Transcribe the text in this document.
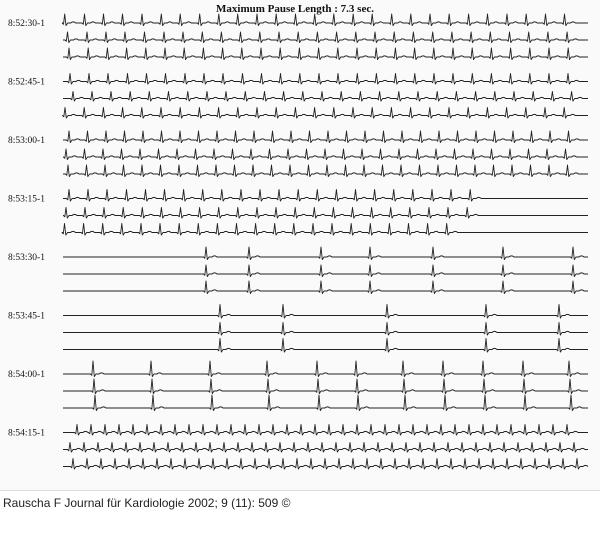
Maximum Pause Length : 7.3 sec.
8:52:30-1
8:52:45-1
8:53:00-1
8:53:15-1
8:53:30-1
8:53:45-1
8:54:00-1
8:54:15-1
Rauscha F Journal für Kardiologie 2002; 9 (11): 509 ©
